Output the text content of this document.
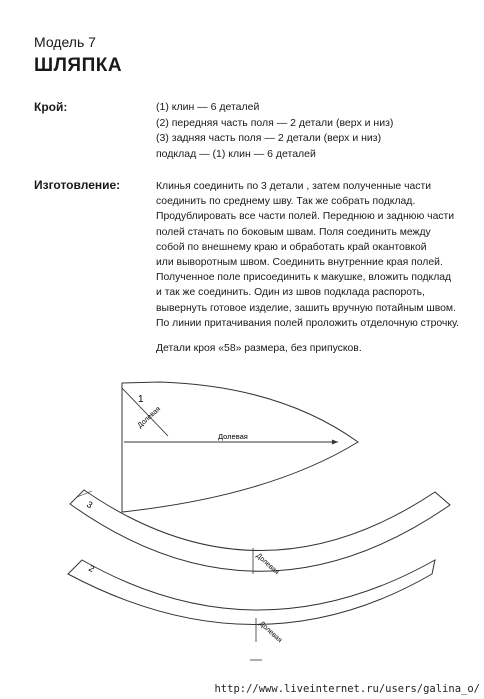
Модель 7
ШЛЯПКА
Крой:	(1) клин — 6 деталей
(2) передняя часть поля — 2 детали (верх и низ)
(3) задняя часть поля — 2 детали (верх и низ)
подклад — (1) клин — 6 деталей
Изготовление:	Клинья соединить по 3 детали , затем полученные части
соединить по среднему шву. Так же собрать подклад.
Продублировать все части полей. Переднюю и заднюю части
полей стачать по боковым швам. Поля соединить между
собой по внешнему краю и обработать край окантовкой
или выворотным швом. Соединить внутренние края полей.
Полученное поле присоединить к макушке, вложить подклад
и так же соединить. Один из швов подклада распороть,
вывернуть готовое изделие, зашить вручную потайным швом.
По линии притачивания полей проложить отделочную строчку.
Детали кроя «58» размера, без припусков.
1
Долевая
Долевая
3
Долевая
2
Долевая
http://www.liveinternet.ru/users/galina_o/
